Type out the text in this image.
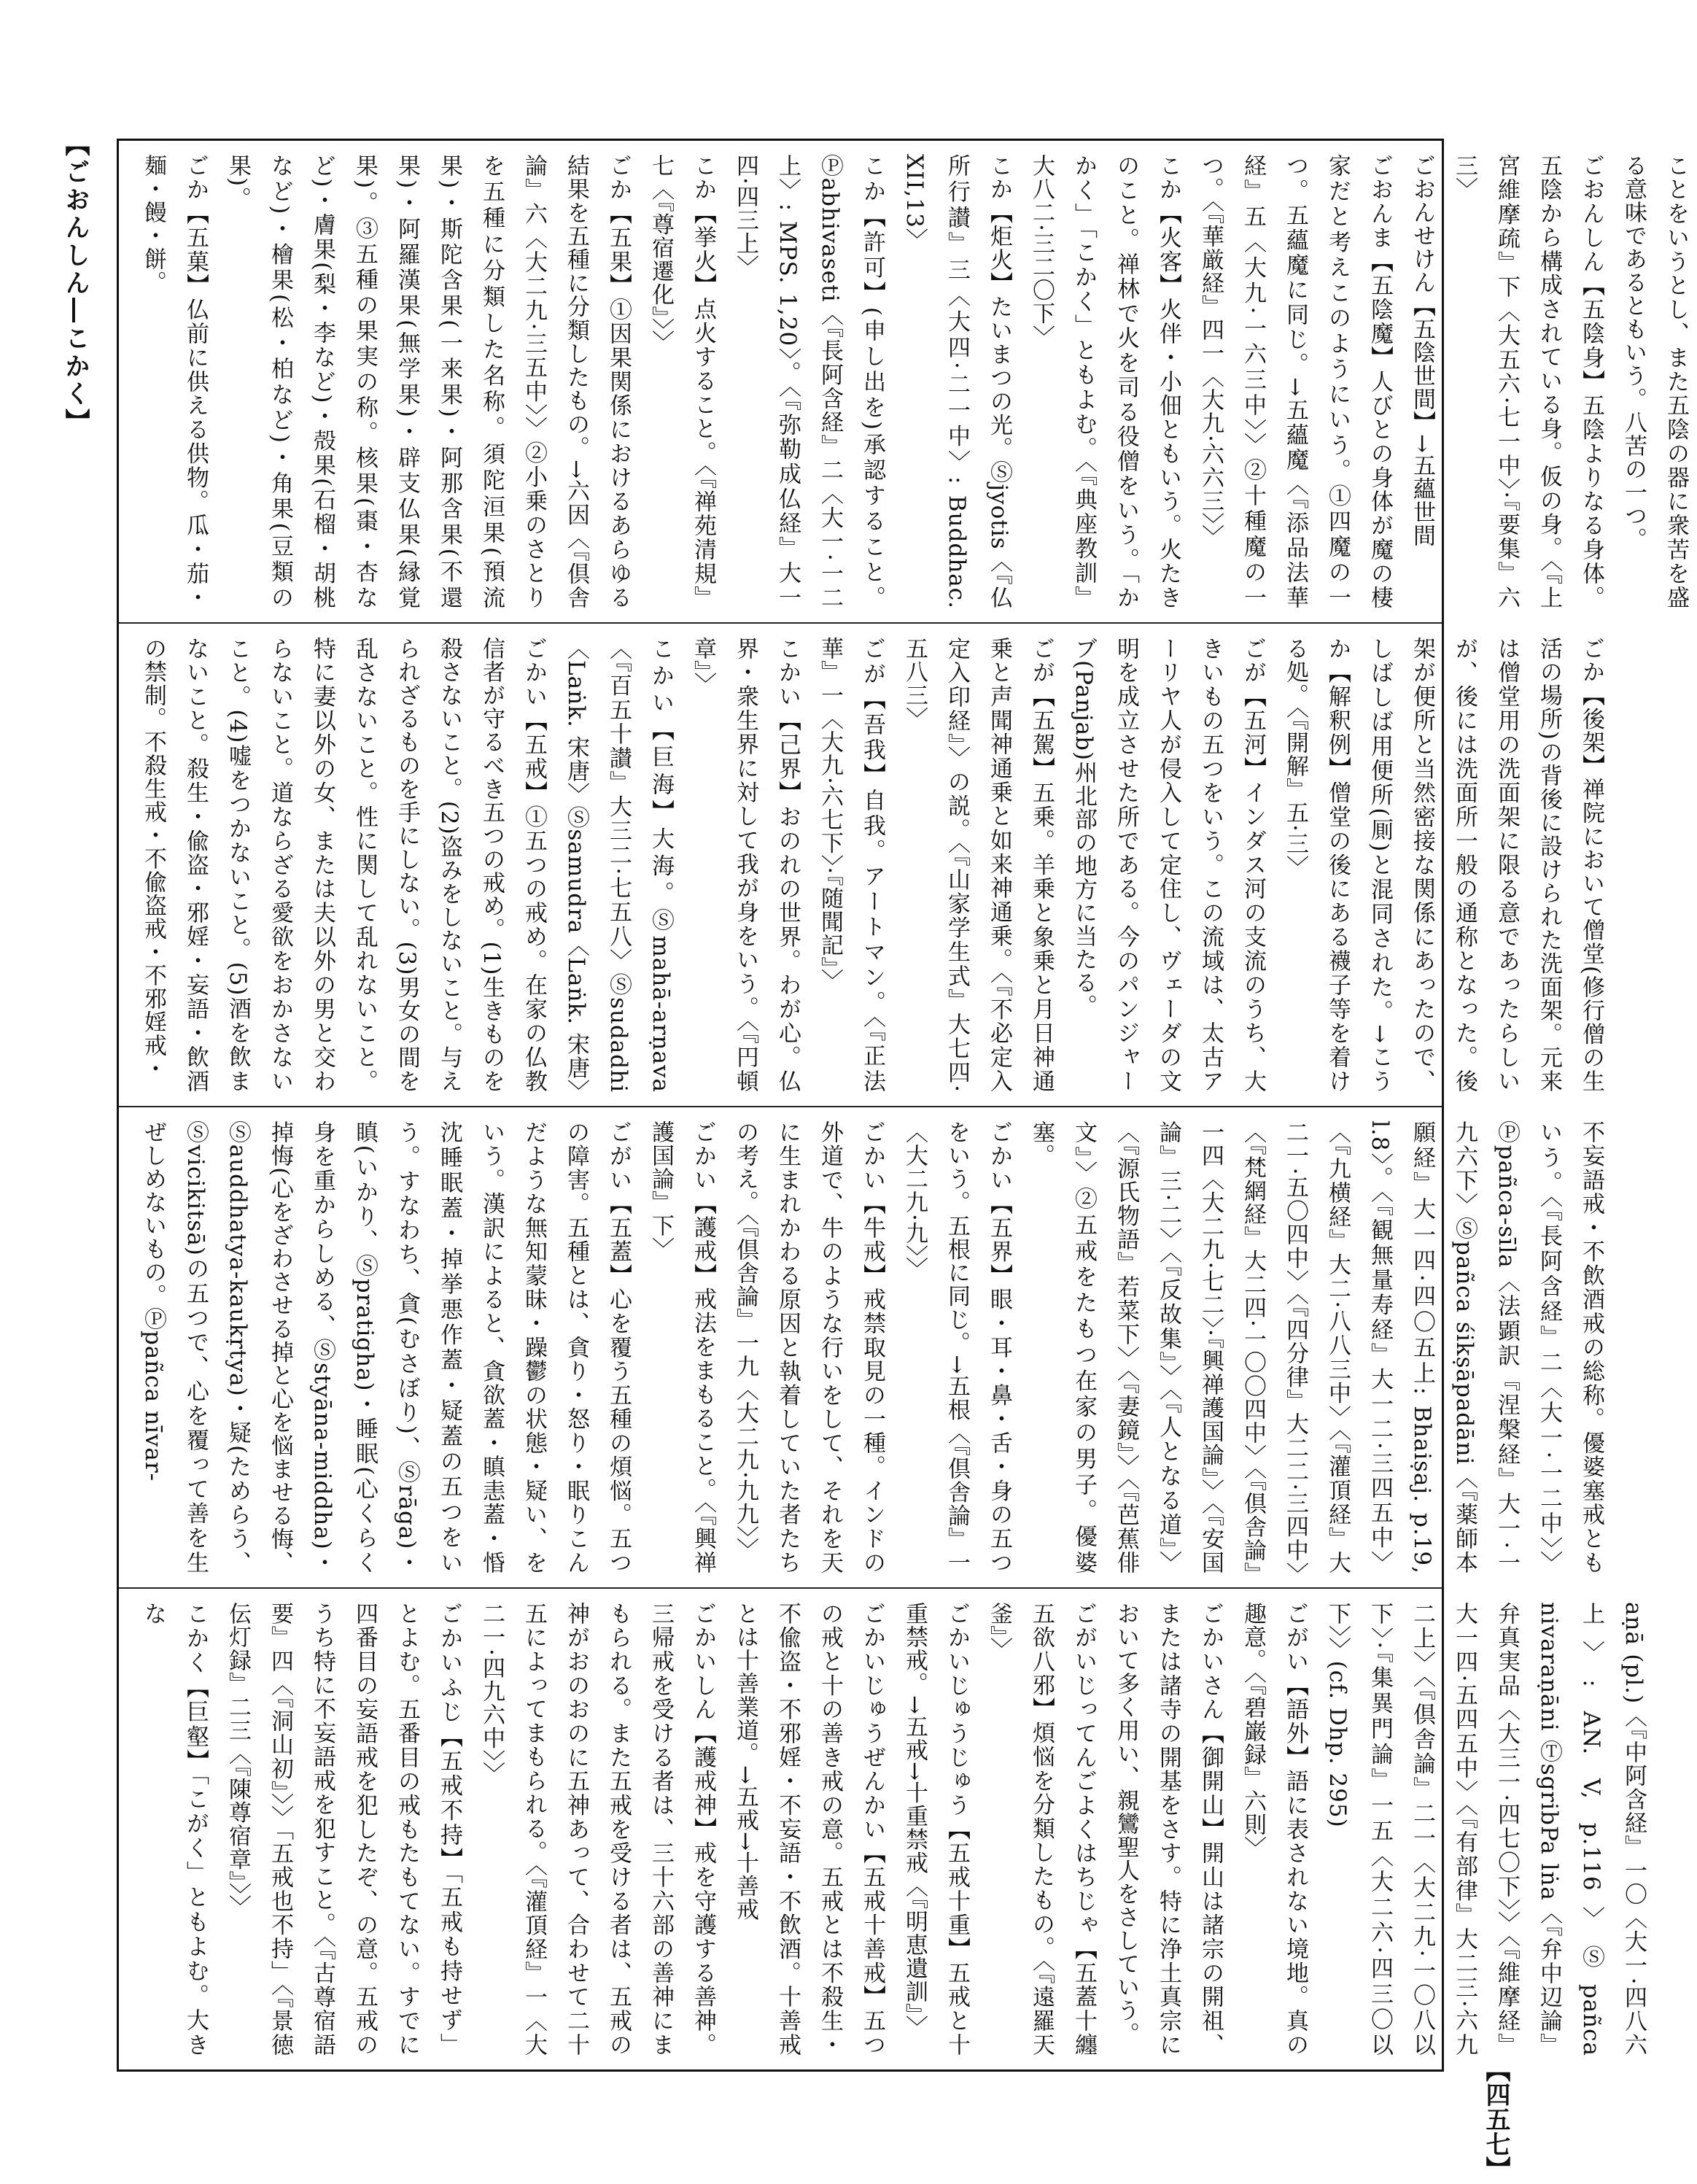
【ごおんしん―こかく】	ことをいうとし、また五陰の器に衆苦を盛る意味であるともいう。八苦の一つ。
ごおんしん【五陰身】五陰よりなる身体。五陰から構成されている身。仮の身。〈『上宮維摩疏』下〈大五六·七一中〉·『要集』六三〉
ごおんせけん【五陰世間】→五蘊世間
ごおんま【五陰魔】人びとの身体が魔の棲家だと考えこのようにいう。①四魔の一つ。五蘊魔に同じ。→五蘊魔〈『添品法華経』五〈大九·一六三中〉〉②十種魔の一つ。〈『華厳経』四一〈大九·六六三〉〉
こか【火客】火伴・小佃ともいう。火たきのこと。禅林で火を司る役僧をいう。「かかく」「こかく」ともよむ。〈『典座教訓』大八二·三二〇下〉
こか【炬火】たいまつの光。Ⓢjyotis〈『仏所行讃』三〈大四·二一中〉: Buddhac. XII,13〉
こか【許可】(申し出を)承認すること。Ⓟabhivaseti〈『長阿含経』二〈大一·一二上〉: MPS. 1,20〉。〈『弥勒成仏経』大一四·四三上〉
こか【挙火】点火すること。〈『禅苑清規』七〈『尊宿遷化』〉〉
ごか【五果】①因果関係におけるあらゆる結果を五種に分類したもの。→六因〈『倶舎論』六〈大二九·三五中〉〉②小乗のさとりを五種に分類した名称。須陀洹果(預流果)・斯陀含果(一来果)・阿那含果(不還果)・阿羅漢果(無学果)・辟支仏果(縁覚果)。③五種の果実の称。核果(棗・杏など)・膚果(梨・李など)・殻果(石榴・胡桃など)・檜果(松・柏など)・角果(豆類の果)。
ごか【五菓】仏前に供える供物。瓜・茄・麺・饅・餅。
ごか【後架】禅院において僧堂(修行僧の生活の場所)の背後に設けられた洗面架。元来は僧堂用の洗面架に限る意であったらしいが、後には洗面所一般の通称となった。後架が便所と当然密接な関係にあったので、しばしば用便所(厠)と混同された。→こうか【解釈例】僧堂の後にある襪子等を着ける処。〈『開解』五·三〉
ごが【五河】インダス河の支流のうち、大きいもの五つをいう。この流域は、太古アーリヤ人が侵入して定住し、ヴェーダの文明を成立させた所である。今のパンジャーブ(Panjab)州北部の地方に当たる。
ごが【五駕】五乗。羊乗と象乗と月日神通乗と声聞神通乗と如来神通乗。〈『不必定入定入印経』〉の説。〈『山家学生式』大七四·五八三〉
ごが【吾我】自我。アートマン。〈『正法華』一〈大九·六七下〉·『随聞記』〉
こかい【己界】おのれの世界。わが心。仏界・衆生界に対して我が身をいう。〈『円頓章』〉
こかい【巨海】大海。Ⓢmahā-arṇava〈『百五十讃』大三二·七五八〉Ⓢsudadhi〈Laṅk. 宋唐〉Ⓢsamudra〈Laṅk. 宋唐〉
ごかい【五戒】①五つの戒め。在家の仏教信者が守るべき五つの戒め。(1)生きものを殺さないこと。(2)盗みをしないこと。与えられざるものを手にしない。(3)男女の間を乱さないこと。性に関して乱れないこと。特に妻以外の女、または夫以外の男と交わらないこと。道ならざる愛欲をおかさないこと。(4)嘘をつかないこと。(5)酒を飲まないこと。殺生・偸盗・邪婬・妄語・飲酒の禁制。不殺生戒・不偸盗戒・不邪婬戒・
不妄語戒・不飲酒戒の総称。優婆塞戒ともいう。〈『長阿含経』二〈大一·一二中〉〉Ⓟpañca-sīla〈法顕訳『涅槃経』大一·一九六下〉Ⓢpañca śikṣāpadāni〈『薬師本願経』大一四·四〇五上: Bhaiṣaj. p.19, l.8〉。〈『観無量寿経』大一二·三四五中〉〈『九横経』大二·八八三中〉〈『灌頂経』大二一·五〇四中〉〈『四分律』大二二·三四中〉〈『梵網経』大二四·一〇〇四中〉〈『倶舎論』一四〈大二九·七二〉·『興禅護国論』〉〈『安国論』三·二〉〈『反故集』〉〈『人となる道』〉〈『源氏物語』若菜下〉〈『妻鏡』〉〈『芭蕉俳文』〉②五戒をたもつ在家の男子。優婆塞。
ごかい【五界】眼・耳・鼻・舌・身の五つをいう。五根に同じ。→五根〈『倶舎論』一〈大二九·九〉〉
ごかい【牛戒】戒禁取見の一種。インドの外道で、牛のような行いをして、それを天に生まれかわる原因と執着していた者たちの考え。〈『倶舎論』一九〈大二九·九九〉〉
ごかい【護戒】戒法をまもること。〈『興禅護国論』下〉
ごがい【五蓋】心を覆う五種の煩悩。五つの障害。五種とは、貪り・怒り・眠りこんだような無知蒙昧・躁鬱の状態・疑い、をいう。漢訳によると、貪欲蓋・瞋恚蓋・惛沈睡眠蓋・掉挙悪作蓋・疑蓋の五つをいう。すなわち、貪(むさぼり)、Ⓢrāga)・瞋(いかり、Ⓢpratigha)・睡眠(心くらく身を重からしめる、Ⓢstyāna-middha)・掉悔(心をざわさせる掉と心を悩ませる悔、Ⓢauddhatya-kaukṛtya)・疑(ためらう、Ⓢvicikitsā)の五つで、心を覆って善を生ぜしめないもの。Ⓟpañca nīvar-
aṇā (pl.)〈『中阿含経』一〇〈大一·四八六上〉: AN. V, p.116〉Ⓢpañca nivaraṇāni ⓉsgribPa lṅa〈『弁中辺論』弁真実品〈大三一·四七〇下〉〉〈『維摩経』大一四·五四五中〉〈『有部律』大二三·六九二上〉〈『倶舎論』二一〈大二九·一〇八以下〉·『集異門論』一五〈大二六·四三〇以下〉〉(cf. Dhp. 295)
ごがい【語外】語に表されない境地。真の趣意。〈『碧巌録』六則〉
ごかいさん【御開山】開山は諸宗の開祖、または諸寺の開基をさす。特に浄土真宗において多く用い、親鸞聖人をさしていう。
ごがいじってんごよくはちじゃ【五蓋十纏五欲八邪】煩悩を分類したもの。〈『遠羅天釜』〉
ごかいじゅうじゅう【五戒十重】五戒と十重禁戒。→五戒→十重禁戒〈『明恵遺訓』〉
ごかいじゅうぜんかい【五戒十善戒】五つの戒と十の善き戒の意。五戒とは不殺生・不偸盗・不邪婬・不妄語・不飲酒。十善戒とは十善業道。→五戒→十善戒
ごかいしん【護戒神】戒を守護する善神。三帰戒を受ける者は、三十六部の善神にまもられる。また五戒を受ける者は、五戒の神がおのおのに五神あって、合わせて二十五によってまもられる。〈『灌頂経』一〈大二一·四九六中〉〉
ごかいふじ【五戒不持】「五戒も持せず」とよむ。五番目の戒もたもてない。すでに四番目の妄語戒を犯したぞ、の意。五戒のうち特に不妄語戒を犯すこと。〈『古尊宿語要』四〈『洞山初』〉〉「五戒也不持」〈『景徳伝灯録』二三〈『陳尊宿章』〉〉
こかく【巨壑】「こがく」ともよむ。大きな
【四五七】
